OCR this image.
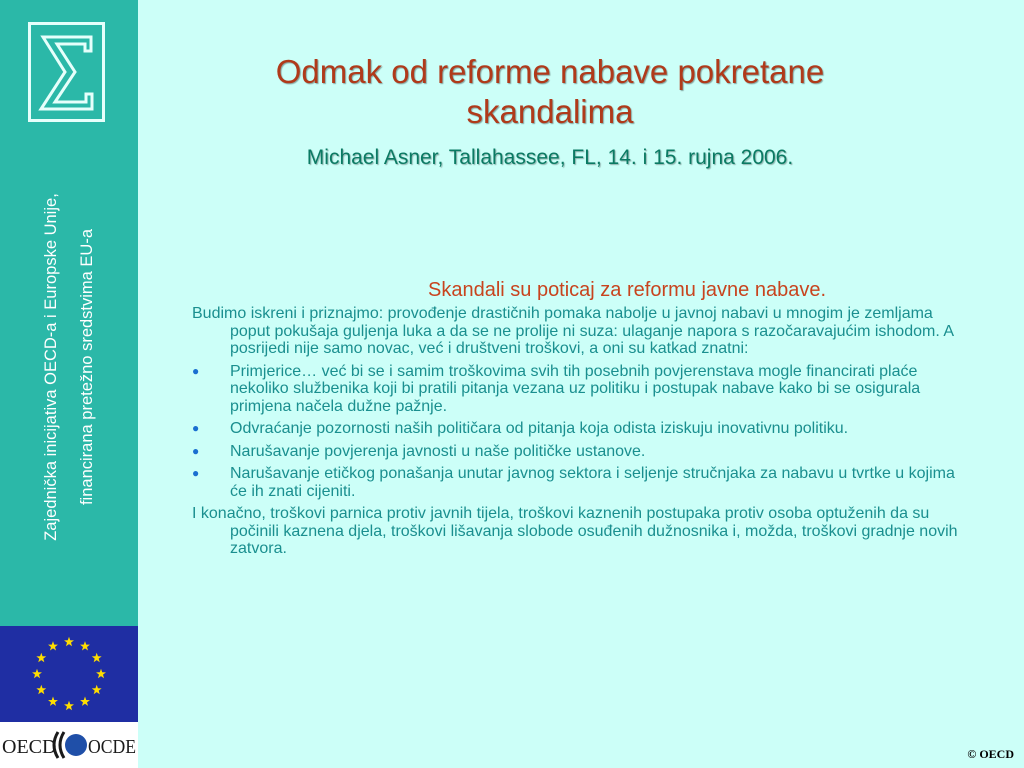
Zajednička inicijativa OECD-a i Europske Unije,	financirana pretežno sredstvima EU-a
OECD OCDE
Odmak od reforme nabave pokretane skandalima
Michael Asner, Tallahassee, FL, 14. i 15. rujna 2006.
Skandali su poticaj za reformu javne nabave.
Budimo iskreni i priznajmo: provođenje drastičnih pomaka nabolje u javnoj nabavi u mnogim je zemljama poput pokušaja guljenja luka a da se ne prolije ni suza: ulaganje napora s razočaravajućim ishodom. A posrijedi nije samo novac, već i društveni troškovi, a oni su katkad znatni:
● Primjerice… već bi se i samim troškovima svih tih posebnih povjerenstava mogle financirati plaće nekoliko službenika koji bi pratili pitanja vezana uz politiku i postupak nabave kako bi se osigurala primjena načela dužne pažnje.
● Odvraćanje pozornosti naših političara od pitanja koja odista iziskuju inovativnu politiku.
● Narušavanje povjerenja javnosti u naše političke ustanove.
● Narušavanje etičkog ponašanja unutar javnog sektora i seljenje stručnjaka za nabavu u tvrtke u kojima će ih znati cijeniti.
I konačno, troškovi parnica protiv javnih tijela, troškovi kaznenih postupaka protiv osoba optuženih da su počinili kaznena djela, troškovi lišavanja slobode osuđenih dužnosnika i, možda, troškovi gradnje novih zatvora.
© OECD
